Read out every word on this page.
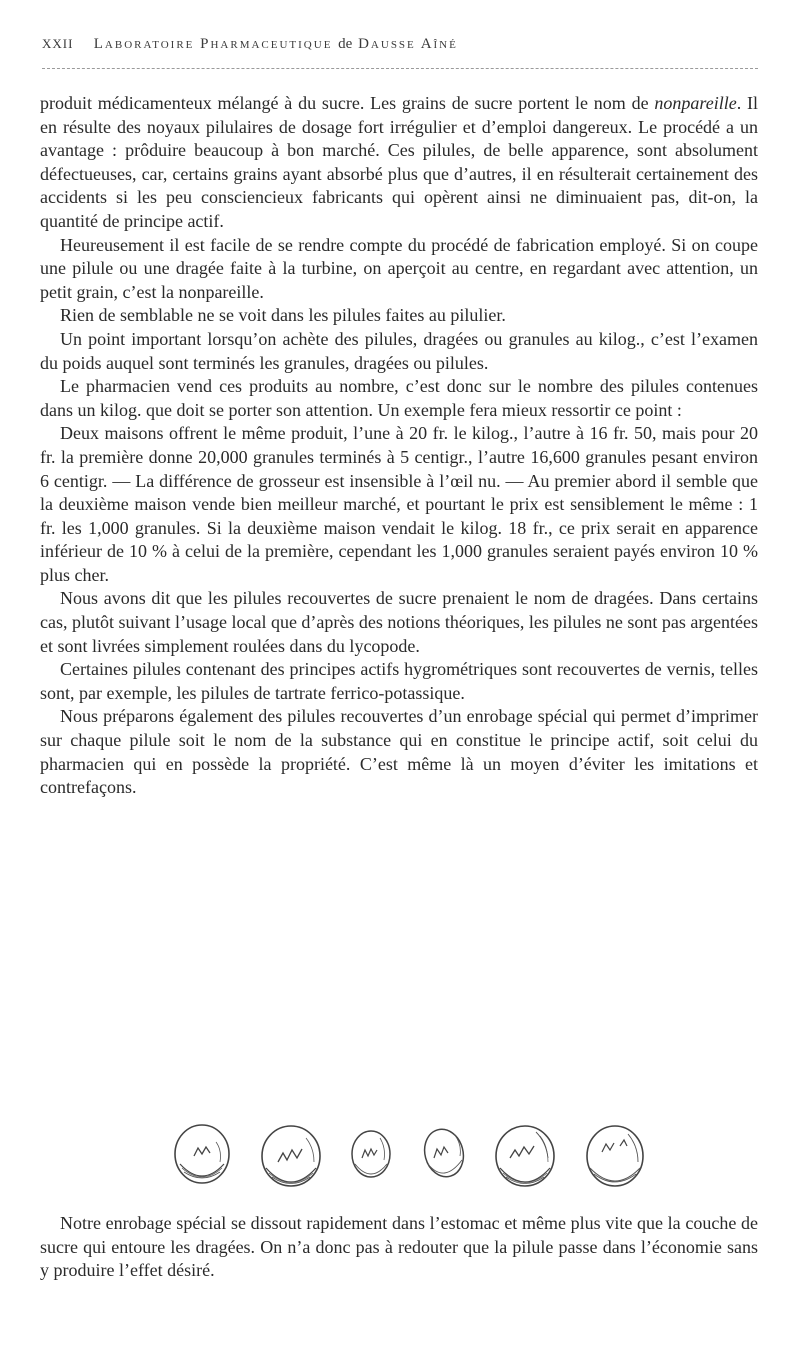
XXII Laboratoire Pharmaceutique de Dausse Aîné

produit médicamenteux mélangé à du sucre. Les grains de sucre portent le nom de nonpareille. Il en résulte des noyaux pilulaires de dosage fort irrégulier et d’emploi dangereux. Le procédé a un avantage : prôduire beaucoup à bon marché. Ces pilules, de belle apparence, sont absolument défectueuses, car, certains grains ayant absorbé plus que d’autres, il en résulterait certainement des accidents si les peu consciencieux fabricants qui opèrent ainsi ne diminuaient pas, dit-on, la quantité de principe actif.

Heureusement il est facile de se rendre compte du procédé de fabrication employé. Si on coupe une pilule ou une dragée faite à la turbine, on aperçoit au centre, en regardant avec attention, un petit grain, c’est la nonpareille.

Rien de semblable ne se voit dans les pilules faites au pilulier.

Un point important lorsqu’on achète des pilules, dragées ou granules au kilog., c’est l’examen du poids auquel sont terminés les granules, dragées ou pilules.

Le pharmacien vend ces produits au nombre, c’est donc sur le nombre des pilules contenues dans un kilog. que doit se porter son attention. Un exemple fera mieux ressortir ce point :

Deux maisons offrent le même produit, l’une à 20 fr. le kilog., l’autre à 16 fr. 50, mais pour 20 fr. la première donne 20,000 granules terminés à 5 centigr., l’autre 16,600 granules pesant environ 6 centigr. — La différence de grosseur est insensible à l’œil nu. — Au premier abord il semble que la deuxième maison vende bien meilleur marché, et pourtant le prix est sensiblement le même : 1 fr. les 1,000 granules. Si la deuxième maison vendait le kilog. 18 fr., ce prix serait en apparence inférieur de 10 % à celui de la première, cependant les 1,000 granules seraient payés environ 10 % plus cher.

Nous avons dit que les pilules recouvertes de sucre prenaient le nom de dragées. Dans certains cas, plutôt suivant l’usage local que d’après des notions théoriques, les pilules ne sont pas argentées et sont livrées simplement roulées dans du lycopode.

Certaines pilules contenant des principes actifs hygrométriques sont recouvertes de vernis, telles sont, par exemple, les pilules de tartrate ferrico-potassique.

Nous préparons également des pilules recouvertes d’un enrobage spécial qui permet d’imprimer sur chaque pilule soit le nom de la substance qui en constitue le principe actif, soit celui du pharmacien qui en possède la propriété. C’est même là un moyen d’éviter les imitations et contrefaçons.

Notre enrobage spécial se dissout rapidement dans l’estomac et même plus vite que la couche de sucre qui entoure les dragées. On n’a donc pas à redouter que la pilule passe dans l’économie sans y produire l’effet désiré.
